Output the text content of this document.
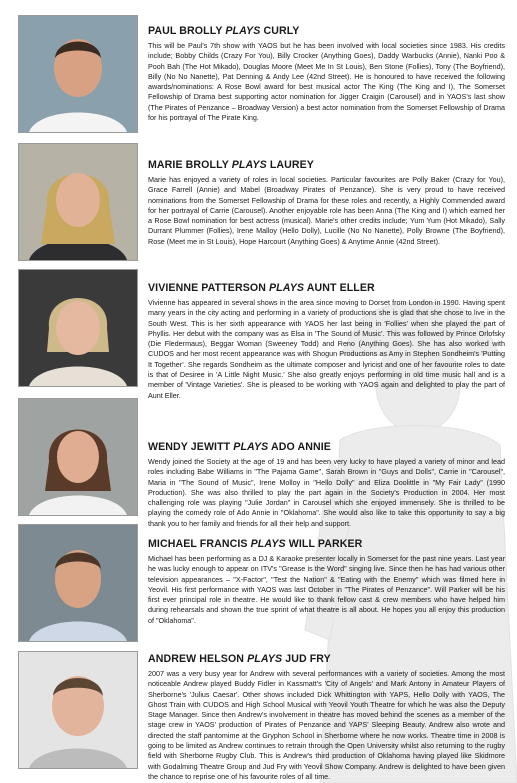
PAUL BROLLY PLAYS CURLY

This will be Paul's 7th show with YAOS but he has been involved with local societies since 1983. His credits include; Bobby Childs (Crazy For You), Billy Crocker (Anything Goes), Daddy Warbucks (Annie), Nanki Poo & Pooh Bah (The Hot Mikado), Douglas Moore (Meet Me In St Louis), Ben Stone (Follies), Tony (The Boyfriend), Billy (No No Nanette), Pat Denning & Andy Lee (42nd Street). He is honoured to have received the following awards/nominations: A Rose Bowl award for best musical actor The King (The King and I), The Somerset Fellowship of Drama best supporting actor nomination for Jigger Craigin (Carousel) and in YAOS's last show (The Pirates of Penzance – Broadway Version) a best actor nomination from the Somerset Fellowship of Drama for his portrayal of The Pirate King.

MARIE BROLLY PLAYS LAUREY

Marie has enjoyed a variety of roles in local societies. Particular favourites are Polly Baker (Crazy for You), Grace Farrell (Annie) and Mabel (Broadway Pirates of Penzance). She is very proud to have received nominations from the Somerset Fellowship of Drama for these roles and recently, a Highly Commended award for her portrayal of Carrie (Carousel). Another enjoyable role has been Anna (The King and I) which earned her a Rose Bowl nomination for best actress (musical). Marie's other credits include; Yum Yum (Hot Mikado), Sally Durrant Plummer (Follies), Irene Malloy (Hello Dolly), Lucille (No No Nanette), Polly Browne (The Boyfriend), Rose (Meet me in St Louis), Hope Harcourt (Anything Goes) & Anytime Annie (42nd Street).

VIVIENNE PATTERSON PLAYS AUNT ELLER

Vivienne has appeared in several shows in the area since moving to Dorset from London in 1990. Having spent many years in the city acting and performing in a variety of productions she is glad that she chose to live in the South West. This is her sixth appearance with YAOS her last being in 'Follies' when she played the part of Phyllis. Her debut with the company was as Elsa in 'The Sound of Music'. This was followed by Prince Orlofsky (Die Fledermaus), Beggar Woman (Sweeney Todd) and Reno (Anything Goes). She has also worked with CUDOS and her most recent appearance was with Shogun Productions as Amy in Stephen Sondheim's 'Putting It Together'. She regards Sondheim as the ultimate composer and lyricist and one of her favourite roles to date is that of Desiree in 'A Little Night Music.' She also greatly enjoys performing in old time music hall and is a member of 'Vintage Varieties'. She is pleased to be working with YAOS again and delighted to play the part of Aunt Eller.

WENDY JEWITT PLAYS ADO ANNIE

Wendy joined the Society at the age of 19 and has been very lucky to have played a variety of minor and lead roles including Babe Williams in "The Pajama Game", Sarah Brown in "Guys and Dolls", Carrie in "Carousel", Maria in "The Sound of Music", Irene Molloy in "Hello Dolly" and Eliza Doolittle in "My Fair Lady" (1990 Production). She was also thrilled to play the part again in the Society's Production in 2004. Her most challenging role was playing "Julie Jordan" in Carousel which she enjoyed immensely. She is thrilled to be playing the comedy role of Ado Annie in "Oklahoma". She would also like to take this opportunity to say a big thank you to her family and friends for all their help and support.

MICHAEL FRANCIS PLAYS WILL PARKER

Michael has been performing as a DJ & Karaoke presenter locally in Somerset for the past nine years. Last year he was lucky enough to appear on ITV's "Grease is the Word" singing live. Since then he has had various other television appearances – "X-Factor", "Test the Nation" & "Eating with the Enemy" which was filmed here in Yeovil. His first performance with YAOS was last October in "The Pirates of Penzance". Will Parker will be his first ever principal role in theatre. He would like to thank fellow cast & crew members who have helped him during rehearsals and shown the true sprint of what theatre is all about. He hopes you all enjoy this production of "Oklahoma".

ANDREW HELSON PLAYS JUD FRY

2007 was a very busy year for Andrew with several performances with a variety of societies. Among the most noticeable Andrew played Buddy Fidler in Kassmatt's 'City of Angels' and Mark Antony in Amateur Players of Sherborne's 'Julius Caesar'. Other shows included Dick Whittington with YAPS, Hello Dolly with YAOS, The Ghost Train with CUDOS and High School Musical with Yeovil Youth Theatre for which he was also the Deputy Stage Manager. Since then Andrew's involvement in theatre has moved behind the scenes as a member of the stage crew in YAOS' production of Pirates of Penzance and YAPS' Sleeping Beauty. Andrew also wrote and directed the staff pantomime at the Gryphon School in Sherborne where he now works. Theatre time in 2008 is going to be limited as Andrew continues to retrain through the Open University whilst also returning to the rugby field with Sherborne Rugby Club. This is Andrew's third production of Oklahoma having played like Skidmore with Godalming Theatre Group and Jud Fry with Yeovil Show Company. Andrew is delighted to have been given the chance to reprise one of his favourite roles of all time.
